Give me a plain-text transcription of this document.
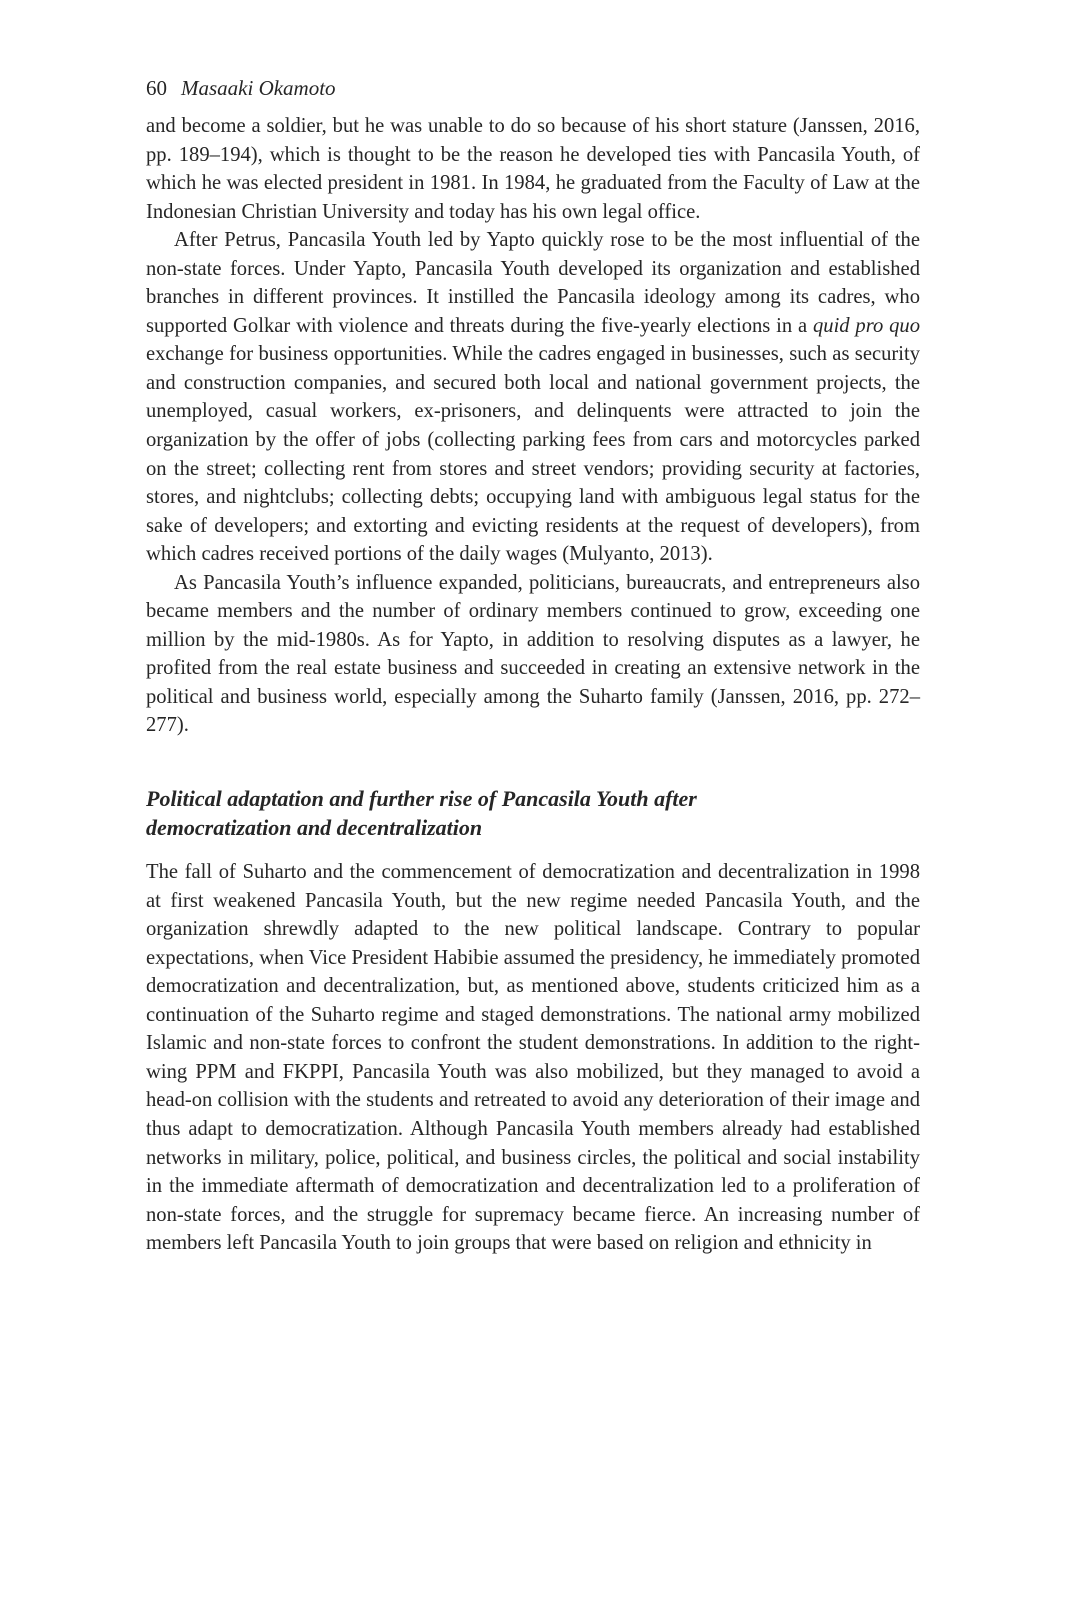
60 Masaaki Okamoto

and become a soldier, but he was unable to do so because of his short stature (Janssen, 2016, pp. 189–194), which is thought to be the reason he developed ties with Pancasila Youth, of which he was elected president in 1981. In 1984, he graduated from the Faculty of Law at the Indonesian Christian University and today has his own legal office.

After Petrus, Pancasila Youth led by Yapto quickly rose to be the most influential of the non-state forces. Under Yapto, Pancasila Youth developed its organization and established branches in different provinces. It instilled the Pancasila ideology among its cadres, who supported Golkar with violence and threats during the five-yearly elections in a quid pro quo exchange for business opportunities. While the cadres engaged in businesses, such as security and construction companies, and secured both local and national government projects, the unemployed, casual workers, ex-prisoners, and delinquents were attracted to join the organization by the offer of jobs (collecting parking fees from cars and motorcycles parked on the street; collecting rent from stores and street vendors; providing security at factories, stores, and nightclubs; collecting debts; occupying land with ambiguous legal status for the sake of developers; and extorting and evicting residents at the request of developers), from which cadres received portions of the daily wages (Mulyanto, 2013).

As Pancasila Youth’s influence expanded, politicians, bureaucrats, and entrepreneurs also became members and the number of ordinary members continued to grow, exceeding one million by the mid-1980s. As for Yapto, in addition to resolving disputes as a lawyer, he profited from the real estate business and succeeded in creating an extensive network in the political and business world, especially among the Suharto family (Janssen, 2016, pp. 272–277).

Political adaptation and further rise of Pancasila Youth after
democratization and decentralization

The fall of Suharto and the commencement of democratization and decentralization in 1998 at first weakened Pancasila Youth, but the new regime needed Pancasila Youth, and the organization shrewdly adapted to the new political landscape. Contrary to popular expectations, when Vice President Habibie assumed the presidency, he immediately promoted democratization and decentralization, but, as mentioned above, students criticized him as a continuation of the Suharto regime and staged demonstrations. The national army mobilized Islamic and non-state forces to confront the student demonstrations. In addition to the right-wing PPM and FKPPI, Pancasila Youth was also mobilized, but they managed to avoid a head-on collision with the students and retreated to avoid any deterioration of their image and thus adapt to democratization. Although Pancasila Youth members already had established networks in military, police, political, and business circles, the political and social instability in the immediate aftermath of democratization and decentralization led to a proliferation of non-state forces, and the struggle for supremacy became fierce. An increasing number of members left Pancasila Youth to join groups that were based on religion and ethnicity in
